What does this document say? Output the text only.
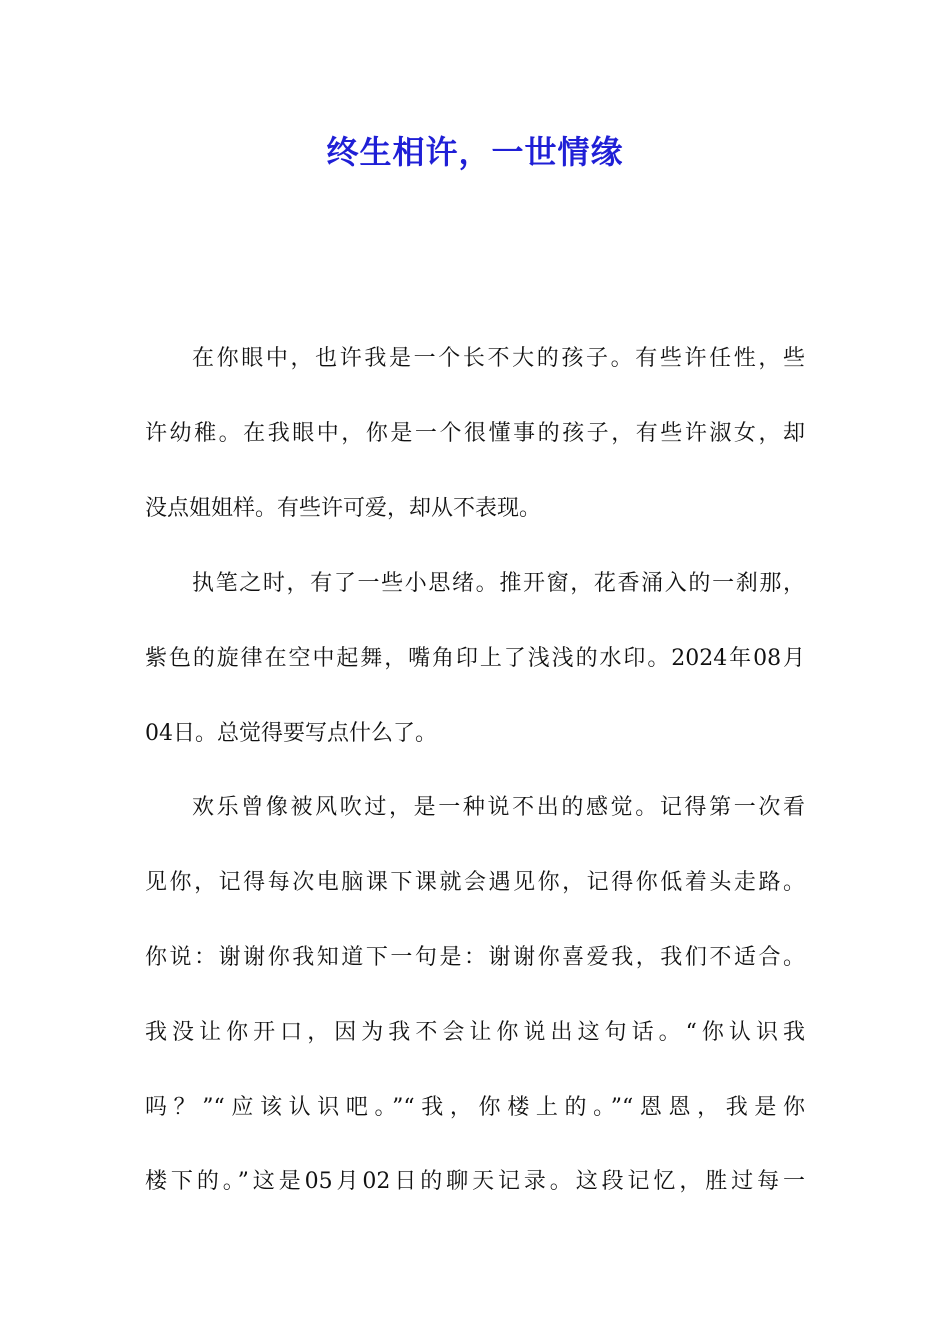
终生相许，一世情缘
在你眼中，也许我是一个长不大的孩子。有些许任性，些
许幼稚。在我眼中，你是一个很懂事的孩子，有些许淑女，却
没点姐姐样。有些许可爱，却从不表现。
执笔之时，有了一些小思绪。推开窗，花香涌入的一刹那，
紫色的旋律在空中起舞，嘴角印上了浅浅的水印。2024年08月
04日。总觉得要写点什么了。
欢乐曾像被风吹过，是一种说不出的感觉。记得第一次看
见你，记得每次电脑课下课就会遇见你，记得你低着头走路。
你说：谢谢你我知道下一句是：谢谢你喜爱我，我们不适合。
我没让你开口，因为我不会让你说出这句话。“你认识我
吗？”“应该认识吧。”“我，你楼上的。”“恩恩，我是你
楼下的。”这是05月02日的聊天记录。这段记忆，胜过每一
